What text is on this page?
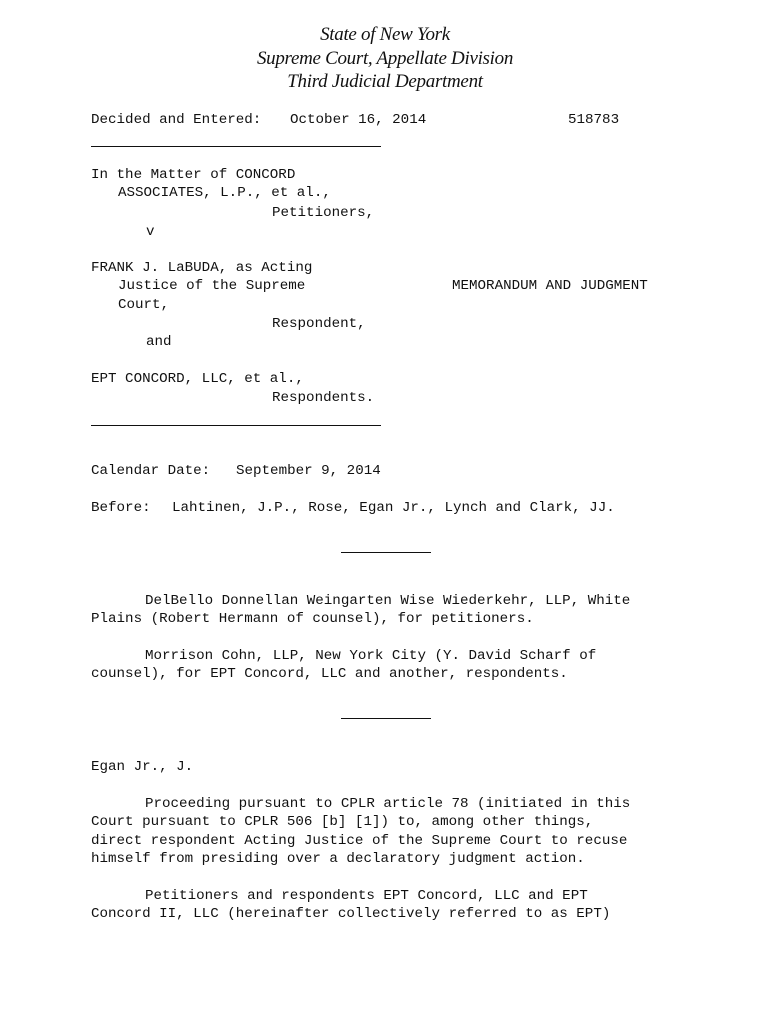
State of New York
Supreme Court, Appellate Division
Third Judicial Department
Decided and Entered: October 16, 2014	518783
In the Matter of CONCORD
ASSOCIATES, L.P., et al.,
Petitioners,
v
FRANK J. LaBUDA, as Acting
Justice of the Supreme
Court,
Respondent,
and
MEMORANDUM AND JUDGMENT
EPT CONCORD, LLC, et al.,
Respondents.
Calendar Date: September 9, 2014
Before: Lahtinen, J.P., Rose, Egan Jr., Lynch and Clark, JJ.
DelBello Donnellan Weingarten Wise Wiederkehr, LLP, White
Plains (Robert Hermann of counsel), for petitioners.
Morrison Cohn, LLP, New York City (Y. David Scharf of
counsel), for EPT Concord, LLC and another, respondents.
Egan Jr., J.
Proceeding pursuant to CPLR article 78 (initiated in this
Court pursuant to CPLR 506 [b] [1]) to, among other things,
direct respondent Acting Justice of the Supreme Court to recuse
himself from presiding over a declaratory judgment action.
Petitioners and respondents EPT Concord, LLC and EPT
Concord II, LLC (hereinafter collectively referred to as EPT)
